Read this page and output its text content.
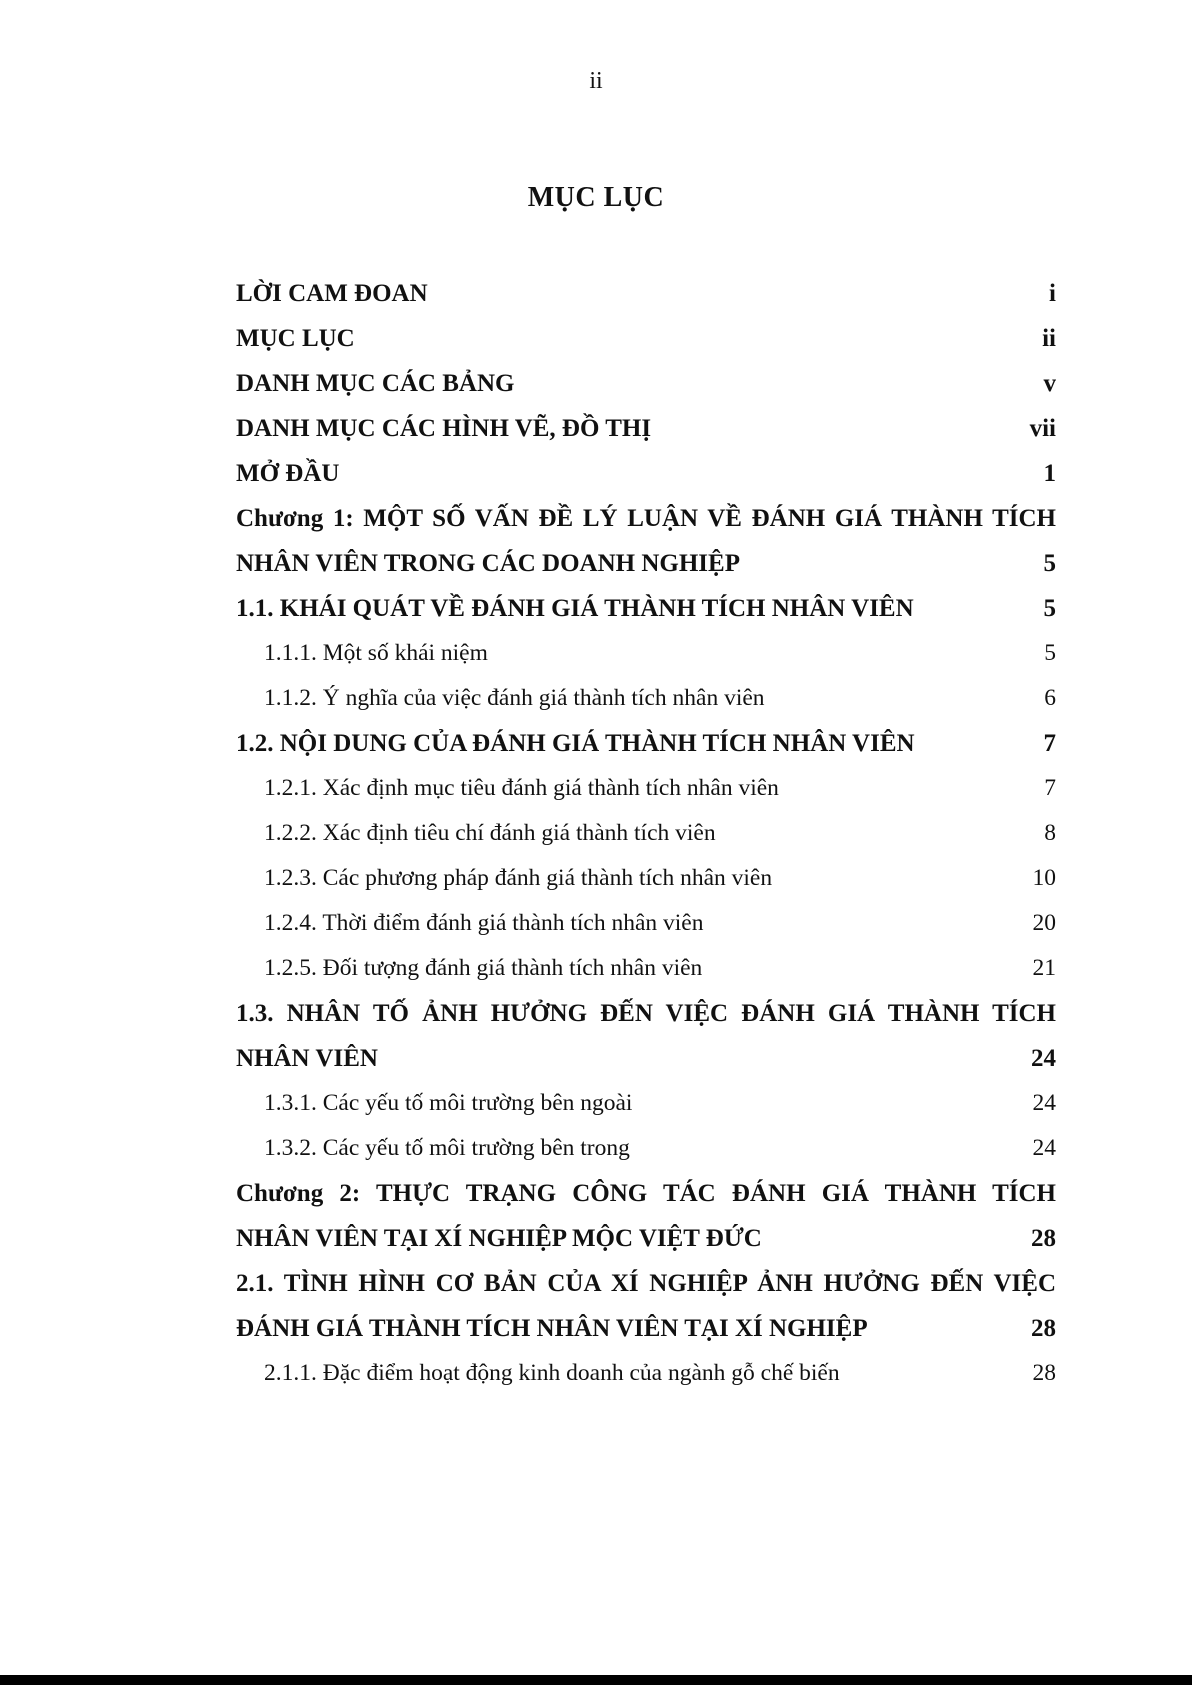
ii
MỤC LỤC
LỜI CAM ĐOAN	i
MỤC LỤC	ii
DANH MỤC CÁC BẢNG	v
DANH MỤC CÁC HÌNH VẼ, ĐỒ THỊ	vii
MỞ ĐẦU	1
Chương 1: MỘT SỐ VẤN ĐỀ LÝ LUẬN VỀ ĐÁNH GIÁ THÀNH TÍCH
NHÂN VIÊN TRONG CÁC DOANH NGHIỆP	5
1.1. KHÁI QUÁT VỀ ĐÁNH GIÁ THÀNH TÍCH NHÂN VIÊN	5
1.1.1. Một số khái niệm	5
1.1.2. Ý nghĩa của việc đánh giá thành tích nhân viên	6
1.2. NỘI DUNG CỦA ĐÁNH GIÁ THÀNH TÍCH NHÂN VIÊN	7
1.2.1. Xác định mục tiêu đánh giá thành tích nhân viên	7
1.2.2. Xác định tiêu chí đánh giá thành tích viên	8
1.2.3. Các phương pháp đánh giá thành tích nhân viên	10
1.2.4. Thời điểm đánh giá thành tích nhân viên	20
1.2.5. Đối tượng đánh giá thành tích nhân viên	21
1.3. NHÂN TỐ ẢNH HƯỞNG ĐẾN VIỆC ĐÁNH GIÁ THÀNH TÍCH
NHÂN VIÊN	24
1.3.1. Các yếu tố môi trường bên ngoài	24
1.3.2. Các yếu tố môi trường bên trong	24
Chương 2: THỰC TRẠNG CÔNG TÁC ĐÁNH GIÁ THÀNH TÍCH
NHÂN VIÊN TẠI XÍ NGHIỆP MỘC VIỆT ĐỨC	28
2.1. TÌNH HÌNH CƠ BẢN CỦA XÍ NGHIỆP ẢNH HƯỞNG ĐẾN VIỆC
ĐÁNH GIÁ THÀNH TÍCH NHÂN VIÊN TẠI XÍ NGHIỆP	28
2.1.1. Đặc điểm hoạt động kinh doanh của ngành gỗ chế biến	28
